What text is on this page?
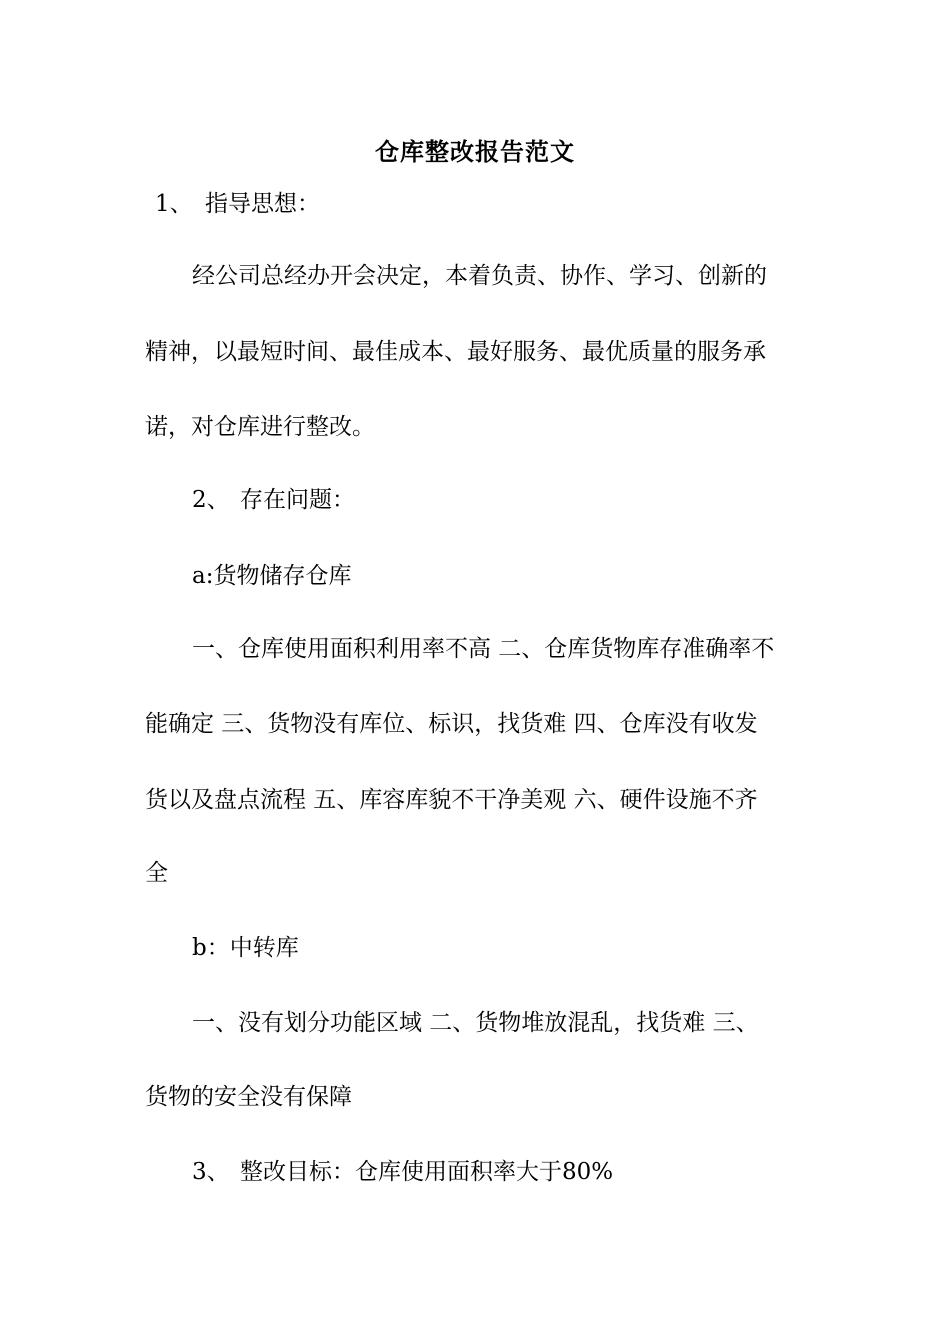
仓库整改报告范文
1、 指导思想：
经公司总经办开会决定，本着负责、协作、学习、创新的
精神，以最短时间、最佳成本、最好服务、最优质量的服务承
诺，对仓库进行整改。
2、 存在问题：
a:货物储存仓库
一、仓库使用面积利用率不高 二、仓库货物库存准确率不
能确定 三、货物没有库位、标识，找货难 四、仓库没有收发
货以及盘点流程 五、库容库貌不干净美观 六、硬件设施不齐
全
b：中转库
一、没有划分功能区域 二、货物堆放混乱，找货难 三、
货物的安全没有保障
3、 整改目标：仓库使用面积率大于80%
